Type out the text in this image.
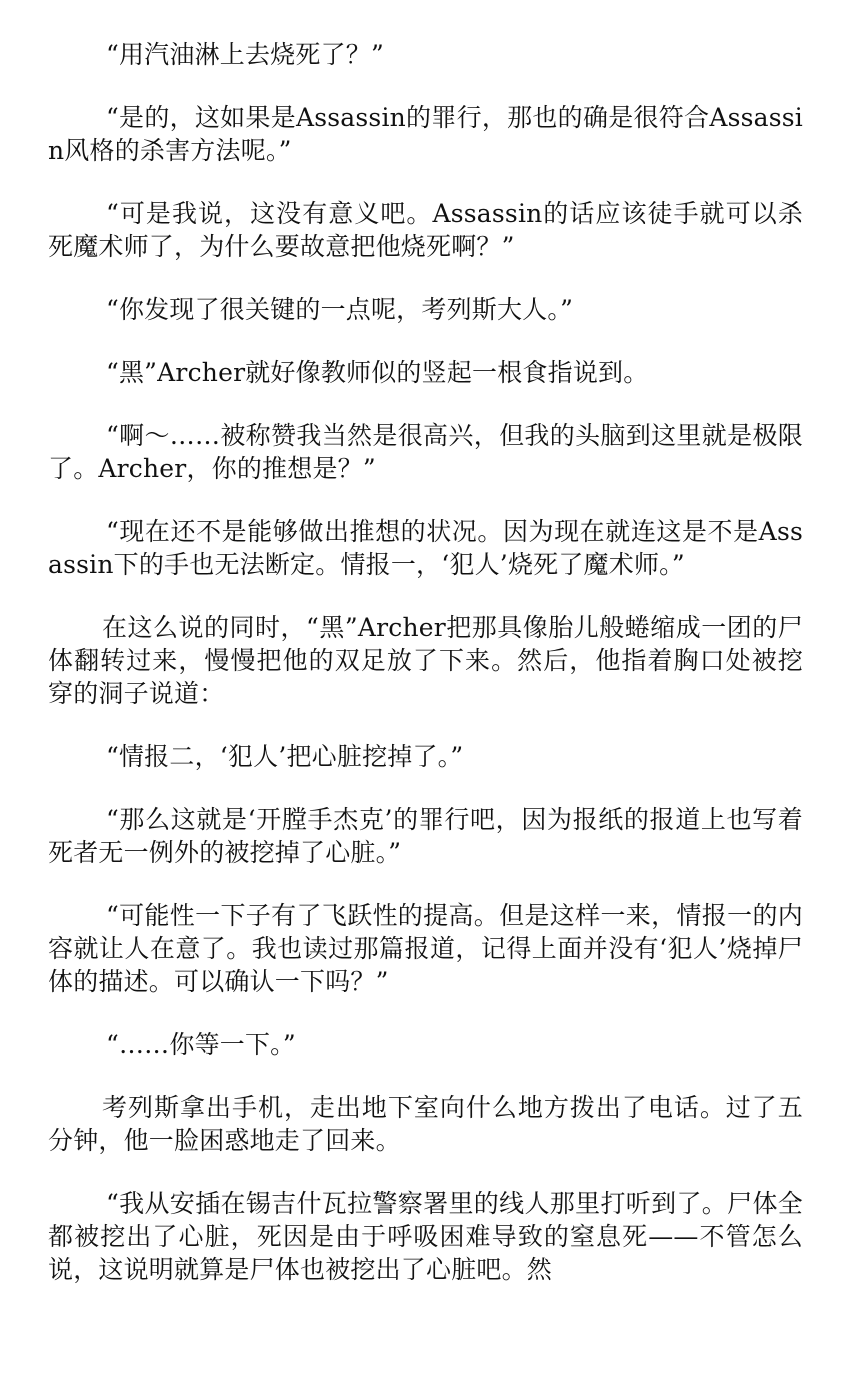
“用汽油淋上去烧死了？”

“是的，这如果是Assassin的罪行，那也的确是很符合Assassin风格的杀害方法呢。”

“可是我说，这没有意义吧。Assassin的话应该徒手就可以杀死魔术师了，为什么要故意把他烧死啊？”

“你发现了很关键的一点呢，考列斯大人。”

“黑”Archer就好像教师似的竖起一根食指说到。

“啊～……被称赞我当然是很高兴，但我的头脑到这里就是极限了。Archer，你的推想是？”

“现在还不是能够做出推想的状况。因为现在就连这是不是Assassin下的手也无法断定。情报一，‘犯人’烧死了魔术师。”

在这么说的同时，“黑”Archer把那具像胎儿般蜷缩成一团的尸体翻转过来，慢慢把他的双足放了下来。然后，他指着胸口处被挖穿的洞子说道：

“情报二，‘犯人’把心脏挖掉了。”

“那么这就是‘开膛手杰克’的罪行吧，因为报纸的报道上也写着死者无一例外的被挖掉了心脏。”

“可能性一下子有了飞跃性的提高。但是这样一来，情报一的内容就让人在意了。我也读过那篇报道，记得上面并没有‘犯人’烧掉尸体的描述。可以确认一下吗？”

“……你等一下。”

考列斯拿出手机，走出地下室向什么地方拨出了电话。过了五分钟，他一脸困惑地走了回来。

“我从安插在锡吉什瓦拉警察署里的线人那里打听到了。尸体全都被挖出了心脏，死因是由于呼吸困难导致的窒息死——不管怎么说，这说明就算是尸体也被挖出了心脏吧。然
